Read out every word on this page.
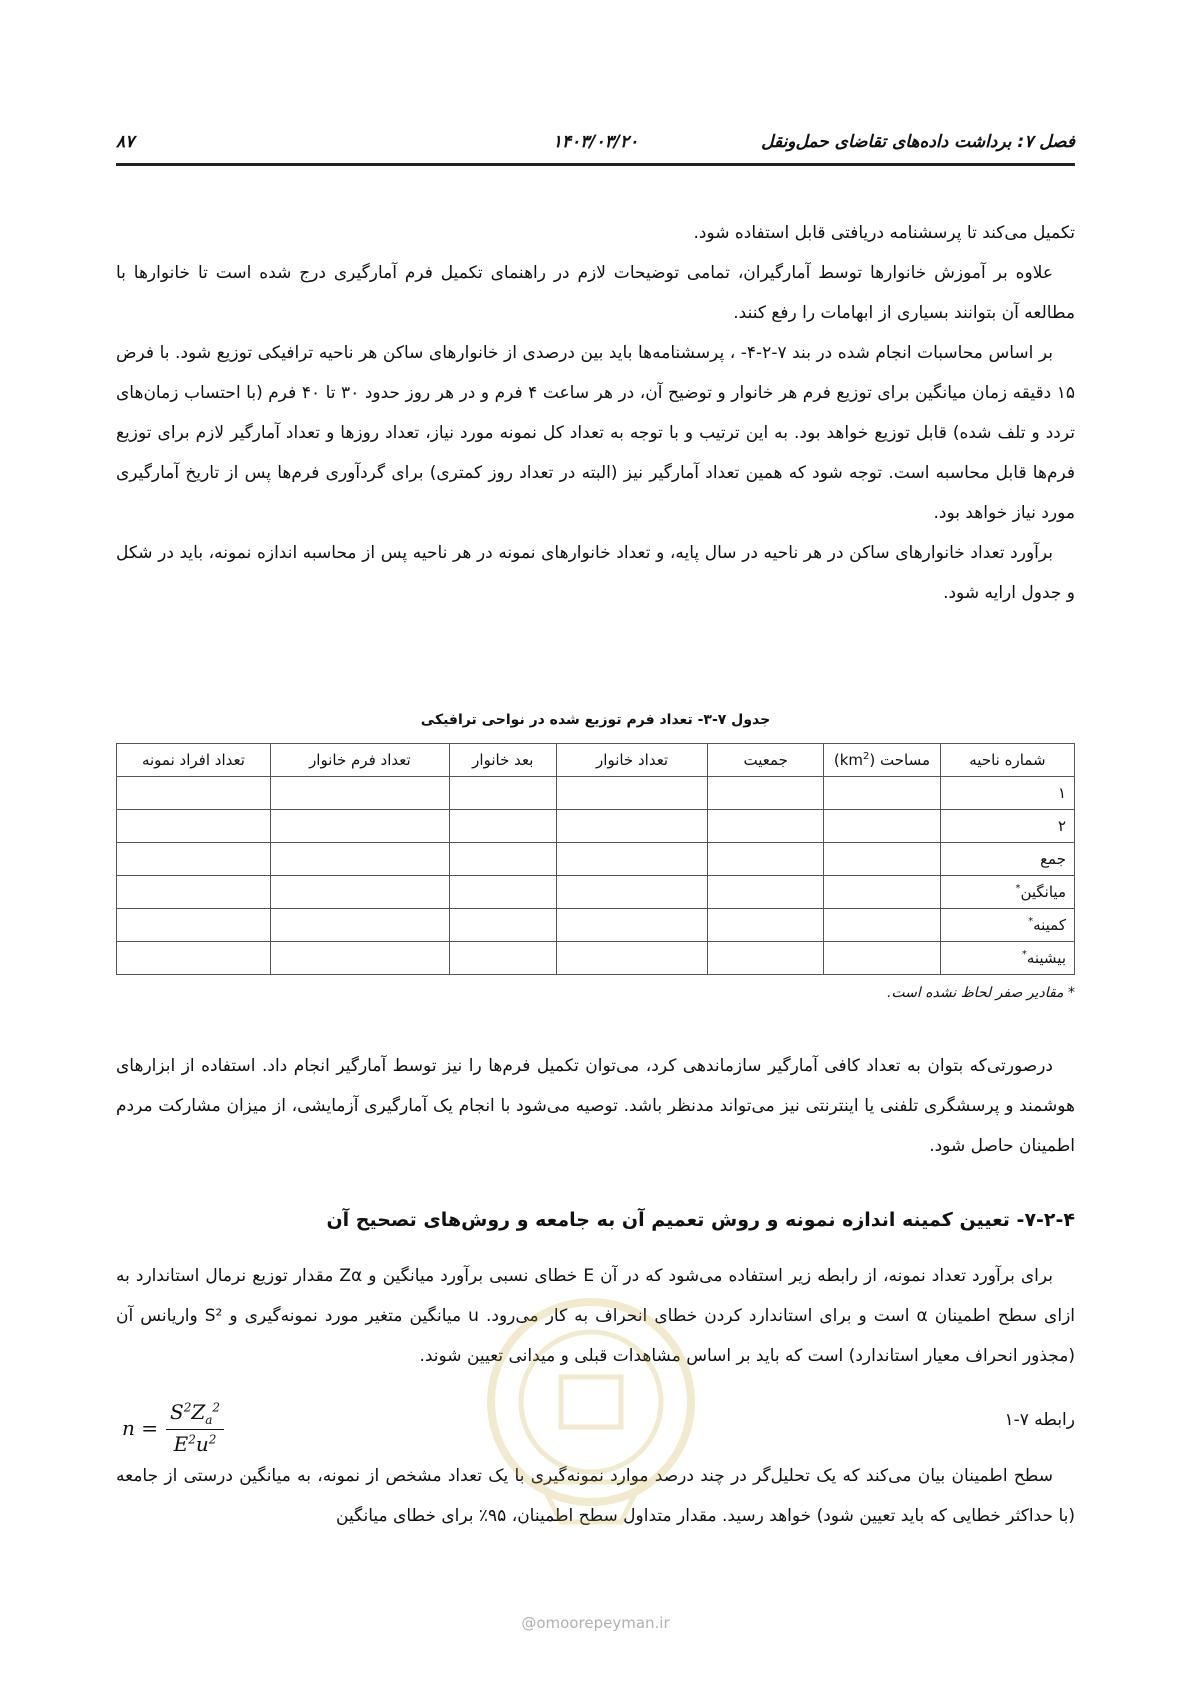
فصل ۷: برداشت داده‌های تقاضای حمل‌ونقل
۱۴۰۳/۰۳/۲۰
۸۷

تکمیل می‌کند تا پرسشنامه دریافتی قابل استفاده شود.

علاوه بر آموزش خانوارها توسط آمارگیران، تمامی توضیحات لازم در راهنمای تکمیل فرم آمارگیری درج شده است تا خانوارها با مطالعه آن بتوانند بسیاری از ابهامات را رفع کنند.

بر اساس محاسبات انجام شده در بند ۷-۲-۴- ، پرسشنامه‌ها باید بین درصدی از خانوارهای ساکن هر ناحیه ترافیکی توزیع شود. با فرض ۱۵ دقیقه زمان میانگین برای توزیع فرم هر خانوار و توضیح آن، در هر ساعت ۴ فرم و در هر روز حدود ۳۰ تا ۴۰ فرم (با احتساب زمان‌های تردد و تلف شده) قابل توزیع خواهد بود. به این ترتیب و با توجه به تعداد کل نمونه مورد نیاز، تعداد روزها و تعداد آمارگیر لازم برای توزیع فرم‌ها قابل محاسبه است. توجه شود که همین تعداد آمارگیر نیز (البته در تعداد روز کمتری) برای گردآوری فرم‌ها پس از تاریخ آمارگیری مورد نیاز خواهد بود.

برآورد تعداد خانوارهای ساکن در هر ناحیه در سال پایه، و تعداد خانوارهای نمونه در هر ناحیه پس از محاسبه اندازه نمونه، باید در شکل و جدول ارایه شود.

جدول ۷-۳- تعداد فرم توزیع شده در نواحی ترافیکی
شماره ناحیه	مساحت $(km^2)$	جمعیت	تعداد خانوار	بعد خانوار	تعداد فرم خانوار	تعداد افراد نمونه
۱						
۲						
جمع						
میانگین*						
کمینه*						
بیشینه*						
* مقادیر صفر لحاظ نشده است.

درصورتی‌که بتوان به تعداد کافی آمارگیر سازماندهی کرد، می‌توان تکمیل فرم‌ها را نیز توسط آمارگیر انجام داد. استفاده از ابزارهای هوشمند و پرسشگری تلفنی یا اینترنتی نیز می‌تواند مدنظر باشد. توصیه می‌شود با انجام یک آمارگیری آزمایشی، از میزان مشارکت مردم اطمینان حاصل شود.

۷-۲-۴- تعیین کمینه اندازه نمونه و روش تعمیم آن به جامعه و روش‌های تصحیح آن

برای برآورد تعداد نمونه، از رابطه زیر استفاده می‌شود که در آن E خطای نسبی برآورد میانگین و Zα مقدار توزیع نرمال استاندارد به ازای سطح اطمینان α است و برای استاندارد کردن خطای انحراف به کار می‌رود. u میانگین متغیر مورد نمونه‌گیری و S² واریانس آن (مجذور انحراف معیار استاندارد) است که باید بر اساس مشاهدات قبلی و میدانی تعیین شوند.

رابطه ۷-۱
$n = \frac{S^2Z_a^2}{E^2u^2}$

سطح اطمینان بیان می‌کند که یک تحلیل‌گر در چند درصد موارد نمونه‌گیری با یک تعداد مشخص از نمونه، به میانگین درستی از جامعه (با حداکثر خطایی که باید تعیین شود) خواهد رسید. مقدار متداول سطح اطمینان، ۹۵٪ برای خطای میانگین

@omoorepeyman.ir
